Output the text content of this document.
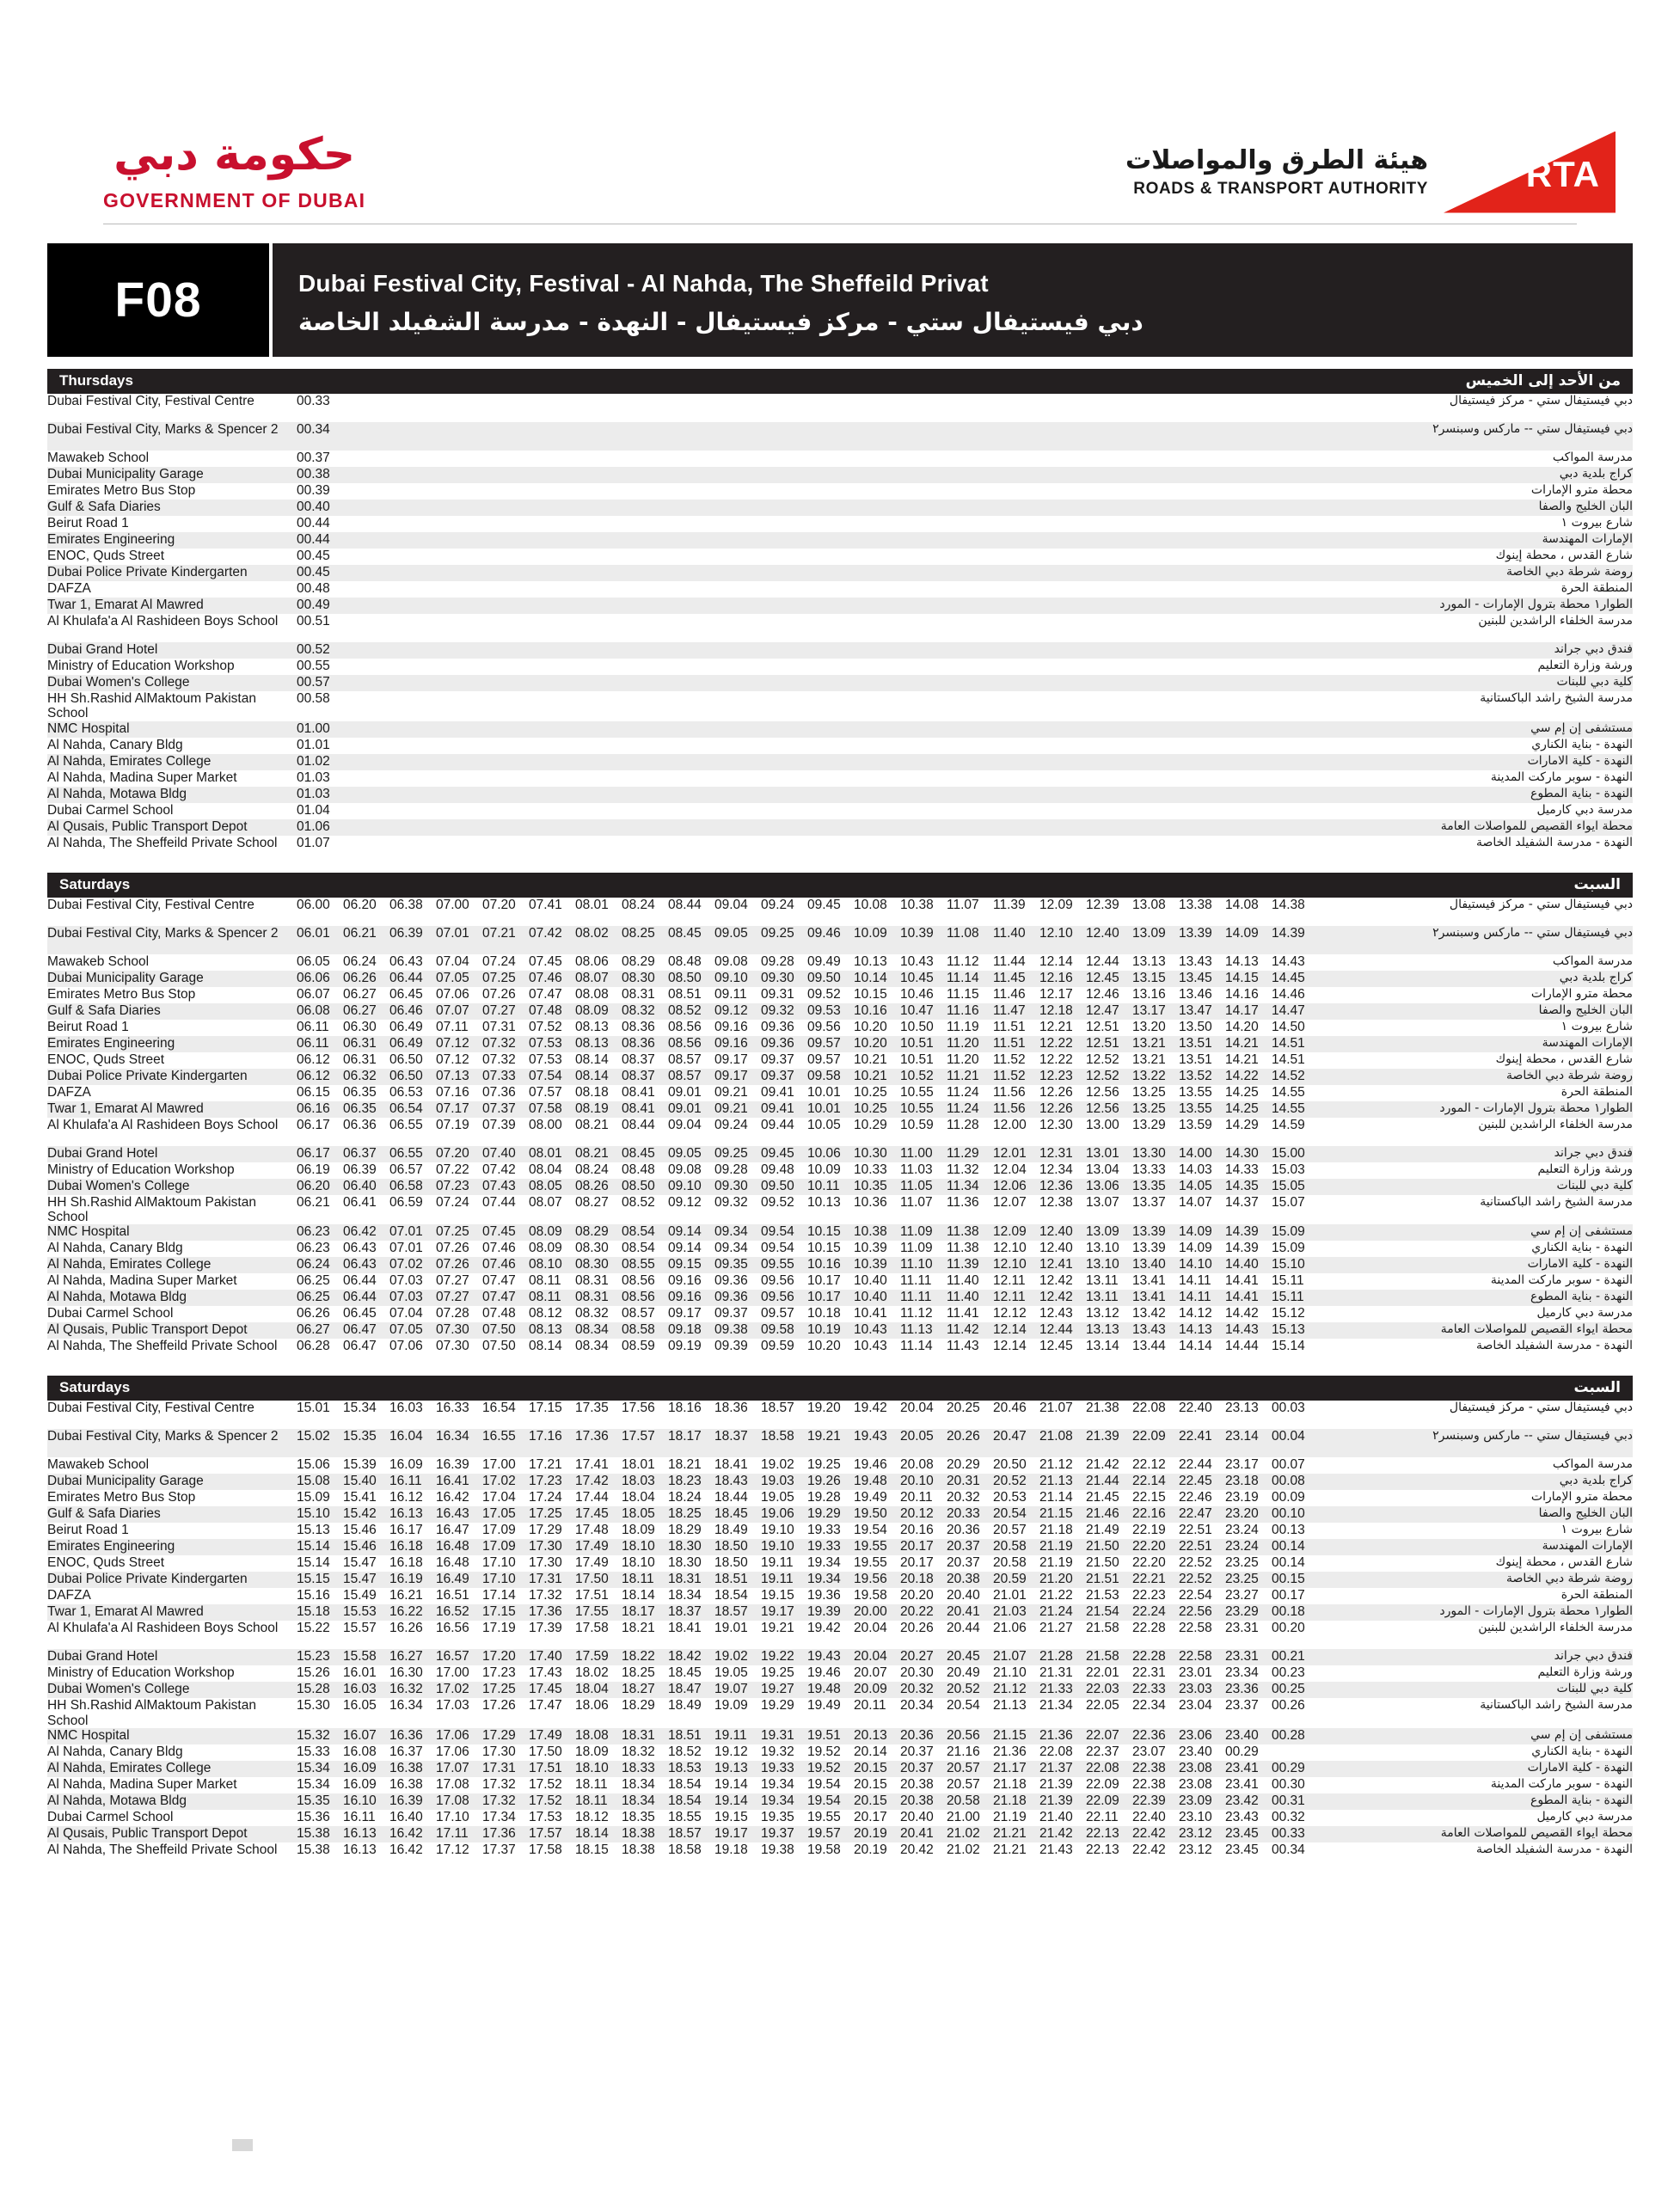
حكومة دبي
GOVERNMENT OF DUBAI
هيئة الطرق والمواصلات
ROADS & TRANSPORT AUTHORITY	RTA
F08	Dubai Festival City, Festival - Al Nahda, The Sheffeild Privat
دبي فيستيفال ستي - مركز فيستيفال - النهدة - مدرسة الشفيلد الخاصة
Thursdays	من الأحد إلى الخميس
Dubai Festival City, Festival Centre	00.33	دبي فيستيفال ستي - مركز فيستيفال
Dubai Festival City, Marks & Spencer 2	00.34	دبي فيستيفال ستي -- ماركس وسبنسر٢
Mawakeb School	00.37	مدرسة المواكب
Dubai Municipality Garage	00.38	كراج بلدية دبي
Emirates Metro Bus Stop	00.39	محطة مترو الإمارات
Gulf & Safa Diaries	00.40	البان الخليج والصفا
Beirut Road 1	00.44	شارع بيروت ١
Emirates Engineering	00.44	الإمارات المهندسة
ENOC, Quds Street	00.45	شارع القدس ، محطة إينوك
Dubai Police Private Kindergarten	00.45	روضة شرطة دبي الخاصة
DAFZA	00.48	المنطقة الحرة
Twar 1, Emarat Al Mawred	00.49	الطوار١ محطة بترول الإمارات - المورد
Al Khulafa'a Al Rashideen Boys School	00.51	مدرسة الخلفاء الراشدين للبنين
Dubai Grand Hotel	00.52	فندق دبي جراند
Ministry of Education Workshop	00.55	ورشة وزارة التعليم
Dubai Women's College	00.57	كلية دبي للبنات
HH Sh.Rashid AlMaktoum Pakistan School	00.58	مدرسة الشيخ راشد الباكستانية
NMC Hospital	01.00	مستشفى إن إم سي
Al Nahda, Canary Bldg	01.01	النهدة - بناية الكناري
Al Nahda, Emirates College	01.02	النهدة - كلية الامارات
Al Nahda, Madina Super Market	01.03	النهدة - سوبر ماركت المدينة
Al Nahda, Motawa Bldg	01.03	النهدة - بناية المطوع
Dubai Carmel School	01.04	مدرسة دبي كارميل
Al Qusais, Public Transport Depot	01.06	محطة ايواء القصيص للمواصلات العامة
Al Nahda, The Sheffeild Private School	01.07	النهدة - مدرسة الشفيلد الخاصة
Saturdays	السبت
Dubai Festival City, Festival Centre	06.00 06.20 06.38 07.00 07.20 07.41 08.01 08.24 08.44 09.04 09.24 09.45 10.08 10.38 11.07 11.39 12.09 12.39 13.08 13.38 14.08 14.38	دبي فيستيفال ستي - مركز فيستيفال
Dubai Festival City, Marks & Spencer 2	06.01 06.21 06.39 07.01 07.21 07.42 08.02 08.25 08.45 09.05 09.25 09.46 10.09 10.39 11.08 11.40 12.10 12.40 13.09 13.39 14.09 14.39	دبي فيستيفال ستي -- ماركس وسبنسر٢
Mawakeb School	06.05 06.24 06.43 07.04 07.24 07.45 08.06 08.29 08.48 09.08 09.28 09.49 10.13 10.43 11.12 11.44 12.14 12.44 13.13 13.43 14.13 14.43	مدرسة المواكب
Dubai Municipality Garage	06.06 06.26 06.44 07.05 07.25 07.46 08.07 08.30 08.50 09.10 09.30 09.50 10.14 10.45 11.14 11.45 12.16 12.45 13.15 13.45 14.15 14.45	كراج بلدية دبي
Emirates Metro Bus Stop	06.07 06.27 06.45 07.06 07.26 07.47 08.08 08.31 08.51 09.11 09.31 09.52 10.15 10.46 11.15 11.46 12.17 12.46 13.16 13.46 14.16 14.46	محطة مترو الإمارات
Gulf & Safa Diaries	06.08 06.27 06.46 07.07 07.27 07.48 08.09 08.32 08.52 09.12 09.32 09.53 10.16 10.47 11.16 11.47 12.18 12.47 13.17 13.47 14.17 14.47	البان الخليج والصفا
Beirut Road 1	06.11 06.30 06.49 07.11 07.31 07.52 08.13 08.36 08.56 09.16 09.36 09.56 10.20 10.50 11.19 11.51 12.21 12.51 13.20 13.50 14.20 14.50	شارع بيروت ١
Emirates Engineering	06.11 06.31 06.49 07.12 07.32 07.53 08.13 08.36 08.56 09.16 09.36 09.57 10.20 10.51 11.20 11.51 12.22 12.51 13.21 13.51 14.21 14.51	الإمارات المهندسة
ENOC, Quds Street	06.12 06.31 06.50 07.12 07.32 07.53 08.14 08.37 08.57 09.17 09.37 09.57 10.21 10.51 11.20 11.52 12.22 12.52 13.21 13.51 14.21 14.51	شارع القدس ، محطة إينوك
Dubai Police Private Kindergarten	06.12 06.32 06.50 07.13 07.33 07.54 08.14 08.37 08.57 09.17 09.37 09.58 10.21 10.52 11.21 11.52 12.23 12.52 13.22 13.52 14.22 14.52	روضة شرطة دبي الخاصة
DAFZA	06.15 06.35 06.53 07.16 07.36 07.57 08.18 08.41 09.01 09.21 09.41 10.01 10.25 10.55 11.24 11.56 12.26 12.56 13.25 13.55 14.25 14.55	المنطقة الحرة
Twar 1, Emarat Al Mawred	06.16 06.35 06.54 07.17 07.37 07.58 08.19 08.41 09.01 09.21 09.41 10.01 10.25 10.55 11.24 11.56 12.26 12.56 13.25 13.55 14.25 14.55	الطوار١ محطة بترول الإمارات - المورد
Al Khulafa'a Al Rashideen Boys School	06.17 06.36 06.55 07.19 07.39 08.00 08.21 08.44 09.04 09.24 09.44 10.05 10.29 10.59 11.28 12.00 12.30 13.00 13.29 13.59 14.29 14.59	مدرسة الخلفاء الراشدين للبنين
Dubai Grand Hotel	06.17 06.37 06.55 07.20 07.40 08.01 08.21 08.45 09.05 09.25 09.45 10.06 10.30 11.00 11.29 12.01 12.31 13.01 13.30 14.00 14.30 15.00	فندق دبي جراند
Ministry of Education Workshop	06.19 06.39 06.57 07.22 07.42 08.04 08.24 08.48 09.08 09.28 09.48 10.09 10.33 11.03 11.32 12.04 12.34 13.04 13.33 14.03 14.33 15.03	ورشة وزارة التعليم
Dubai Women's College	06.20 06.40 06.58 07.23 07.43 08.05 08.26 08.50 09.10 09.30 09.50 10.11 10.35 11.05 11.34 12.06 12.36 13.06 13.35 14.05 14.35 15.05	كلية دبي للبنات
HH Sh.Rashid AlMaktoum Pakistan School	06.21 06.41 06.59 07.24 07.44 08.07 08.27 08.52 09.12 09.32 09.52 10.13 10.36 11.07 11.36 12.07 12.38 13.07 13.37 14.07 14.37 15.07	مدرسة الشيخ راشد الباكستانية
NMC Hospital	06.23 06.42 07.01 07.25 07.45 08.09 08.29 08.54 09.14 09.34 09.54 10.15 10.38 11.09 11.38 12.09 12.40 13.09 13.39 14.09 14.39 15.09	مستشفى إن إم سي
Al Nahda, Canary Bldg	06.23 06.43 07.01 07.26 07.46 08.09 08.30 08.54 09.14 09.34 09.54 10.15 10.39 11.09 11.38 12.10 12.40 13.10 13.39 14.09 14.39 15.09	النهدة - بناية الكناري
Al Nahda, Emirates College	06.24 06.43 07.02 07.26 07.46 08.10 08.30 08.55 09.15 09.35 09.55 10.16 10.39 11.10 11.39 12.10 12.41 13.10 13.40 14.10 14.40 15.10	النهدة - كلية الامارات
Al Nahda, Madina Super Market	06.25 06.44 07.03 07.27 07.47 08.11 08.31 08.56 09.16 09.36 09.56 10.17 10.40 11.11 11.40 12.11 12.42 13.11 13.41 14.11 14.41 15.11	النهدة - سوبر ماركت المدينة
Al Nahda, Motawa Bldg	06.25 06.44 07.03 07.27 07.47 08.11 08.31 08.56 09.16 09.36 09.56 10.17 10.40 11.11 11.40 12.11 12.42 13.11 13.41 14.11 14.41 15.11	النهدة - بناية المطوع
Dubai Carmel School	06.26 06.45 07.04 07.28 07.48 08.12 08.32 08.57 09.17 09.37 09.57 10.18 10.41 11.12 11.41 12.12 12.43 13.12 13.42 14.12 14.42 15.12	مدرسة دبي كارميل
Al Qusais, Public Transport Depot	06.27 06.47 07.05 07.30 07.50 08.13 08.34 08.58 09.18 09.38 09.58 10.19 10.43 11.13 11.42 12.14 12.44 13.13 13.43 14.13 14.43 15.13	محطة ايواء القصيص للمواصلات العامة
Al Nahda, The Sheffeild Private School	06.28 06.47 07.06 07.30 07.50 08.14 08.34 08.59 09.19 09.39 09.59 10.20 10.43 11.14 11.43 12.14 12.45 13.14 13.44 14.14 14.44 15.14	النهدة - مدرسة الشفيلد الخاصة
Saturdays	السبت
Dubai Festival City, Festival Centre	15.01 15.34 16.03 16.33 16.54 17.15 17.35 17.56 18.16 18.36 18.57 19.20 19.42 20.04 20.25 20.46 21.07 21.38 22.08 22.40 23.13 00.03	دبي فيستيفال ستي - مركز فيستيفال
Dubai Festival City, Marks & Spencer 2	15.02 15.35 16.04 16.34 16.55 17.16 17.36 17.57 18.17 18.37 18.58 19.21 19.43 20.05 20.26 20.47 21.08 21.39 22.09 22.41 23.14 00.04	دبي فيستيفال ستي -- ماركس وسبنسر٢
Mawakeb School	15.06 15.39 16.09 16.39 17.00 17.21 17.41 18.01 18.21 18.41 19.02 19.25 19.46 20.08 20.29 20.50 21.12 21.42 22.12 22.44 23.17 00.07	مدرسة المواكب
Dubai Municipality Garage	15.08 15.40 16.11 16.41 17.02 17.23 17.42 18.03 18.23 18.43 19.03 19.26 19.48 20.10 20.31 20.52 21.13 21.44 22.14 22.45 23.18 00.08	كراج بلدية دبي
Emirates Metro Bus Stop	15.09 15.41 16.12 16.42 17.04 17.24 17.44 18.04 18.24 18.44 19.05 19.28 19.49 20.11 20.32 20.53 21.14 21.45 22.15 22.46 23.19 00.09	محطة مترو الإمارات
Gulf & Safa Diaries	15.10 15.42 16.13 16.43 17.05 17.25 17.45 18.05 18.25 18.45 19.06 19.29 19.50 20.12 20.33 20.54 21.15 21.46 22.16 22.47 23.20 00.10	البان الخليج والصفا
Beirut Road 1	15.13 15.46 16.17 16.47 17.09 17.29 17.48 18.09 18.29 18.49 19.10 19.33 19.54 20.16 20.36 20.57 21.18 21.49 22.19 22.51 23.24 00.13	شارع بيروت ١
Emirates Engineering	15.14 15.46 16.18 16.48 17.09 17.30 17.49 18.10 18.30 18.50 19.10 19.33 19.55 20.17 20.37 20.58 21.19 21.50 22.20 22.51 23.24 00.14	الإمارات المهندسة
ENOC, Quds Street	15.14 15.47 16.18 16.48 17.10 17.30 17.49 18.10 18.30 18.50 19.11 19.34 19.55 20.17 20.37 20.58 21.19 21.50 22.20 22.52 23.25 00.14	شارع القدس ، محطة إينوك
Dubai Police Private Kindergarten	15.15 15.47 16.19 16.49 17.10 17.31 17.50 18.11 18.31 18.51 19.11 19.34 19.56 20.18 20.38 20.59 21.20 21.51 22.21 22.52 23.25 00.15	روضة شرطة دبي الخاصة
DAFZA	15.16 15.49 16.21 16.51 17.14 17.32 17.51 18.14 18.34 18.54 19.15 19.36 19.58 20.20 20.40 21.01 21.22 21.53 22.23 22.54 23.27 00.17	المنطقة الحرة
Twar 1, Emarat Al Mawred	15.18 15.53 16.22 16.52 17.15 17.36 17.55 18.17 18.37 18.57 19.17 19.39 20.00 20.22 20.41 21.03 21.24 21.54 22.24 22.56 23.29 00.18	الطوار١ محطة بترول الإمارات - المورد
Al Khulafa'a Al Rashideen Boys School	15.22 15.57 16.26 16.56 17.19 17.39 17.58 18.21 18.41 19.01 19.21 19.42 20.04 20.26 20.44 21.06 21.27 21.58 22.28 22.58 23.31 00.20	مدرسة الخلفاء الراشدين للبنين
Dubai Grand Hotel	15.23 15.58 16.27 16.57 17.20 17.40 17.59 18.22 18.42 19.02 19.22 19.43 20.04 20.27 20.45 21.07 21.28 21.58 22.28 22.58 23.31 00.21	فندق دبي جراند
Ministry of Education Workshop	15.26 16.01 16.30 17.00 17.23 17.43 18.02 18.25 18.45 19.05 19.25 19.46 20.07 20.30 20.49 21.10 21.31 22.01 22.31 23.01 23.34 00.23	ورشة وزارة التعليم
Dubai Women's College	15.28 16.03 16.32 17.02 17.25 17.45 18.04 18.27 18.47 19.07 19.27 19.48 20.09 20.32 20.52 21.12 21.33 22.03 22.33 23.03 23.36 00.25	كلية دبي للبنات
HH Sh.Rashid AlMaktoum Pakistan School	15.30 16.05 16.34 17.03 17.26 17.47 18.06 18.29 18.49 19.09 19.29 19.49 20.11 20.34 20.54 21.13 21.34 22.05 22.34 23.04 23.37 00.26	مدرسة الشيخ راشد الباكستانية
NMC Hospital	15.32 16.07 16.36 17.06 17.29 17.49 18.08 18.31 18.51 19.11 19.31 19.51 20.13 20.36 20.56 21.15 21.36 22.07 22.36 23.06 23.40 00.28	مستشفى إن إم سي
Al Nahda, Canary Bldg	15.33 16.08 16.37 17.06 17.30 17.50 18.09 18.32 18.52 19.12 19.32 19.52 20.14 20.37 21.16 21.36 22.08 22.37 23.07 23.40 00.29	النهدة - بناية الكناري
Al Nahda, Emirates College	15.34 16.09 16.38 17.07 17.31 17.51 18.10 18.33 18.53 19.13 19.33 19.52 20.15 20.37 20.57 21.17 21.37 22.08 22.38 23.08 23.41 00.29	النهدة - كلية الامارات
Al Nahda, Madina Super Market	15.34 16.09 16.38 17.08 17.32 17.52 18.11 18.34 18.54 19.14 19.34 19.54 20.15 20.38 20.57 21.18 21.39 22.09 22.38 23.08 23.41 00.30	النهدة - سوبر ماركت المدينة
Al Nahda, Motawa Bldg	15.35 16.10 16.39 17.08 17.32 17.52 18.11 18.34 18.54 19.14 19.34 19.54 20.15 20.38 20.58 21.18 21.39 22.09 22.39 23.09 23.42 00.31	النهدة - بناية المطوع
Dubai Carmel School	15.36 16.11 16.40 17.10 17.34 17.53 18.12 18.35 18.55 19.15 19.35 19.55 20.17 20.40 21.00 21.19 21.40 22.11 22.40 23.10 23.43 00.32	مدرسة دبي كارميل
Al Qusais, Public Transport Depot	15.38 16.13 16.42 17.11 17.36 17.57 18.14 18.38 18.57 19.17 19.37 19.57 20.19 20.41 21.02 21.21 21.42 22.13 22.42 23.12 23.45 00.33	محطة ايواء القصيص للمواصلات العامة
Al Nahda, The Sheffeild Private School	15.38 16.13 16.42 17.12 17.37 17.58 18.15 18.38 18.58 19.18 19.38 19.58 20.19 20.42 21.02 21.21 21.43 22.13 22.42 23.12 23.45 00.34	النهدة - مدرسة الشفيلد الخاصة
